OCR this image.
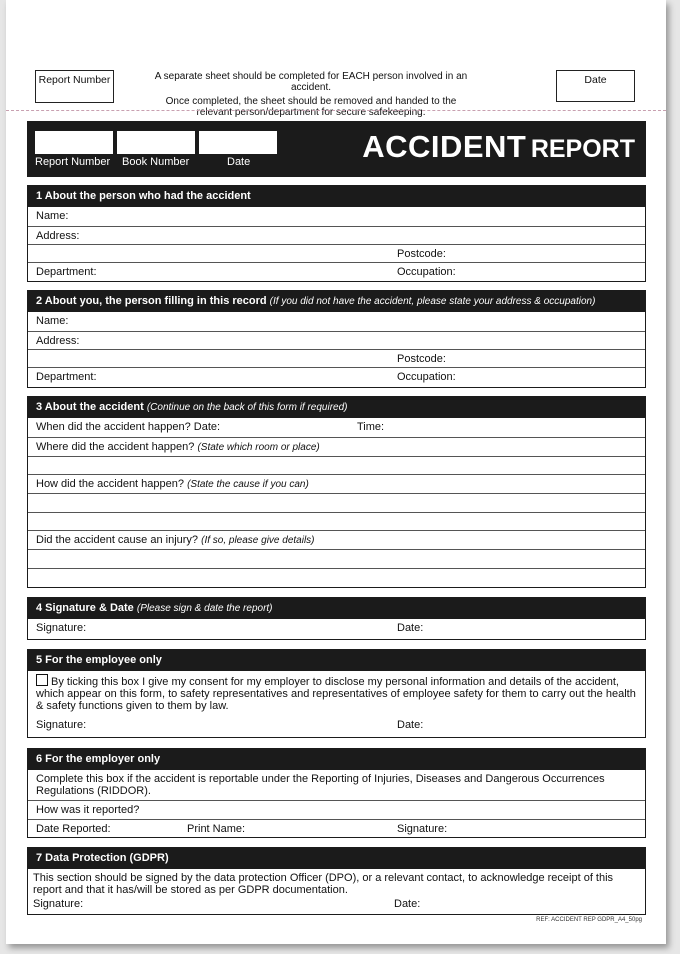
Report Number	A separate sheet should be completed for EACH person involved in an accident.
Once completed, the sheet should be removed and handed to the
relevant person/department for secure safekeeping.
Date
Report Number Book Number	Date	ACCIDENT REPORT
1 About the person who had the accident
Name:
Address:
Postcode:
Department:	Occupation:
2 About you, the person filling in this record (If you did not have the accident, please state your address & occupation)
Name:
Address:
Postcode:
Department:	Occupation:
3 About the accident (Continue on the back of this form if required)
When did the accident happen? Date:	Time:
Where did the accident happen? (State which room or place)
How did the accident happen? (State the cause if you can)
Did the accident cause an injury? (If so, please give details)
4 Signature & Date (Please sign & date the report)
Signature:	Date:
5 For the employee only
By ticking this box I give my consent for my employer to disclose my personal information and details of the accident, which appear on this form, to safety representatives and representatives of employee safety for them to carry out the health & safety functions given to them by law.
Signature:	Date:
6 For the employer only
Complete this box if the accident is reportable under the Reporting of Injuries, Diseases and Dangerous Occurrences Regulations (RIDDOR).
How was it reported?
Date Reported:	Print Name:	Signature:
7 Data Protection (GDPR)
This section should be signed by the data protection Officer (DPO), or a relevant contact, to acknowledge receipt of this report and that it has/will be stored as per GDPR documentation.
Signature:	Date:
REF: ACCIDENT REP GDPR_A4_50pg
